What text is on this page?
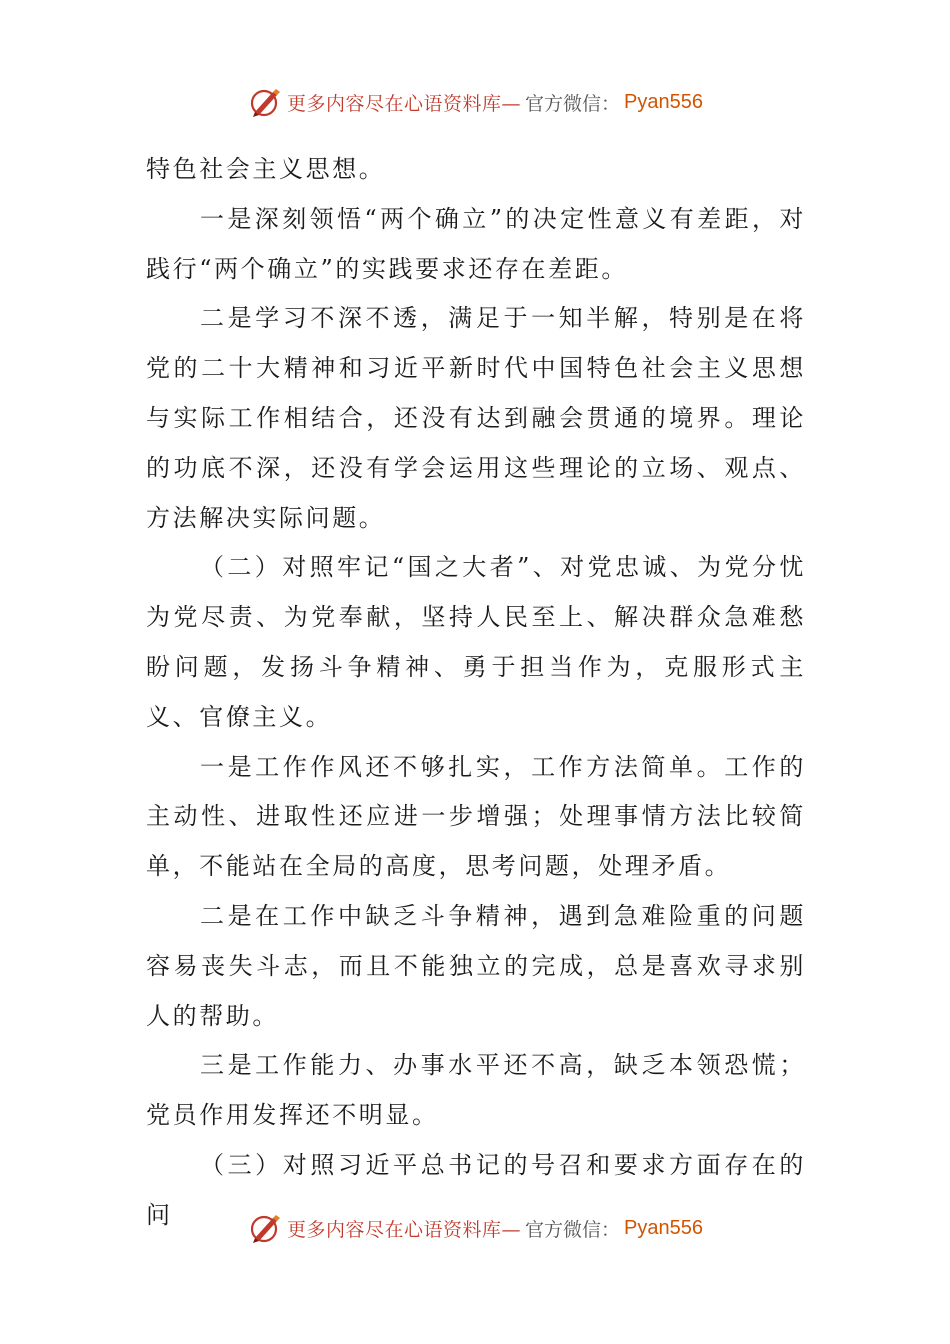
更多内容尽在心语资料库— 官方微信： Pyan556

特色社会主义思想。

一是深刻领悟“两个确立”的决定性意义有差距，对践行“两个确立”的实践要求还存在差距。

二是学习不深不透，满足于一知半解，特别是在将党的二十大精神和习近平新时代中国特色社会主义思想与实际工作相结合，还没有达到融会贯通的境界。理论的功底不深，还没有学会运用这些理论的立场、观点、方法解决实际问题。

（二）对照牢记“国之大者”、对党忠诚、为党分忧为党尽责、为党奉献，坚持人民至上、解决群众急难愁盼问题，发扬斗争精神、勇于担当作为，克服形式主义、官僚主义。

一是工作作风还不够扎实，工作方法简单。工作的主动性、进取性还应进一步增强；处理事情方法比较简单，不能站在全局的高度，思考问题，处理矛盾。

二是在工作中缺乏斗争精神，遇到急难险重的问题容易丧失斗志，而且不能独立的完成，总是喜欢寻求别人的帮助。

三是工作能力、办事水平还不高，缺乏本领恐慌；党员作用发挥还不明显。

（三）对照习近平总书记的号召和要求方面存在的问

更多内容尽在心语资料库— 官方微信： Pyan556
